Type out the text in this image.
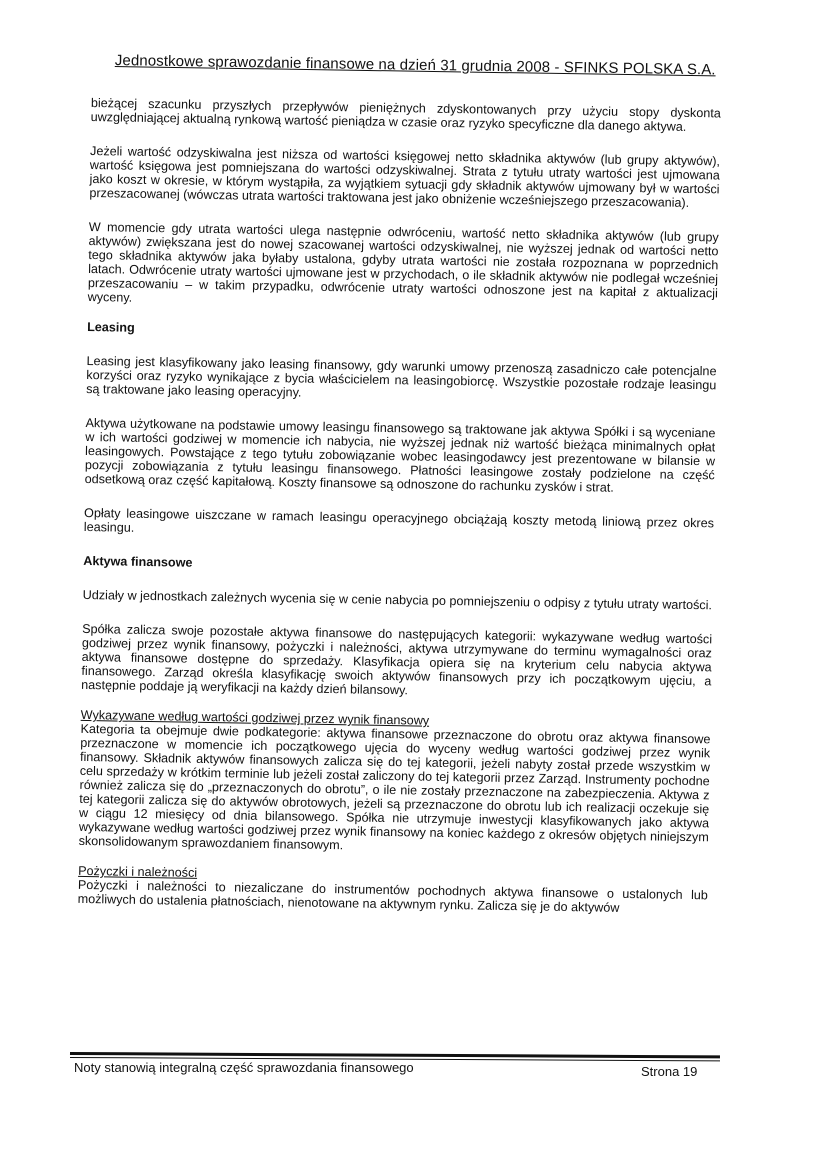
Jednostkowe sprawozdanie finansowe na dzień 31 grudnia 2008 - SFINKS POLSKA S.A.

bieżącej szacunku przyszłych przepływów pieniężnych zdyskontowanych przy użyciu stopy dyskonta uwzględniającej aktualną rynkową wartość pieniądza w czasie oraz ryzyko specyficzne dla danego aktywa.

Jeżeli wartość odzyskiwalna jest niższa od wartości księgowej netto składnika aktywów (lub grupy aktywów), wartość księgowa jest pomniejszana do wartości odzyskiwalnej. Strata z tytułu utraty wartości jest ujmowana jako koszt w okresie, w którym wystąpiła, za wyjątkiem sytuacji gdy składnik aktywów ujmowany był w wartości przeszacowanej (wówczas utrata wartości traktowana jest jako obniżenie wcześniejszego przeszacowania).

W momencie gdy utrata wartości ulega następnie odwróceniu, wartość netto składnika aktywów (lub grupy aktywów) zwiększana jest do nowej szacowanej wartości odzyskiwalnej, nie wyższej jednak od wartości netto tego składnika aktywów jaka byłaby ustalona, gdyby utrata wartości nie została rozpoznana w poprzednich latach. Odwrócenie utraty wartości ujmowane jest w przychodach, o ile składnik aktywów nie podlegał wcześniej przeszacowaniu – w takim przypadku, odwrócenie utraty wartości odnoszone jest na kapitał z aktualizacji wyceny.

Leasing

Leasing jest klasyfikowany jako leasing finansowy, gdy warunki umowy przenoszą zasadniczo całe potencjalne korzyści oraz ryzyko wynikające z bycia właścicielem na leasingobiorcę. Wszystkie pozostałe rodzaje leasingu są traktowane jako leasing operacyjny.

Aktywa użytkowane na podstawie umowy leasingu finansowego są traktowane jak aktywa Spółki i są wyceniane w ich wartości godziwej w momencie ich nabycia, nie wyższej jednak niż wartość bieżąca minimalnych opłat leasingowych. Powstające z tego tytułu zobowiązanie wobec leasingodawcy jest prezentowane w bilansie w pozycji zobowiązania z tytułu leasingu finansowego. Płatności leasingowe zostały podzielone na część odsetkową oraz część kapitałową. Koszty finansowe są odnoszone do rachunku zysków i strat.

Opłaty leasingowe uiszczane w ramach leasingu operacyjnego obciążają koszty metodą liniową przez okres leasingu.

Aktywa finansowe

Udziały w jednostkach zależnych wycenia się w cenie nabycia po pomniejszeniu o odpisy z tytułu utraty wartości.

Spółka zalicza swoje pozostałe aktywa finansowe do następujących kategorii: wykazywane według wartości godziwej przez wynik finansowy, pożyczki i należności, aktywa utrzymywane do terminu wymagalności oraz aktywa finansowe dostępne do sprzedaży. Klasyfikacja opiera się na kryterium celu nabycia aktywa finansowego. Zarząd określa klasyfikację swoich aktywów finansowych przy ich początkowym ujęciu, a następnie poddaje ją weryfikacji na każdy dzień bilansowy.

Wykazywane według wartości godziwej przez wynik finansowy

Kategoria ta obejmuje dwie podkategorie: aktywa finansowe przeznaczone do obrotu oraz aktywa finansowe przeznaczone w momencie ich początkowego ujęcia do wyceny według wartości godziwej przez wynik finansowy. Składnik aktywów finansowych zalicza się do tej kategorii, jeżeli nabyty został przede wszystkim w celu sprzedaży w krótkim terminie lub jeżeli został zaliczony do tej kategorii przez Zarząd. Instrumenty pochodne również zalicza się do „przeznaczonych do obrotu”, o ile nie zostały przeznaczone na zabezpieczenia. Aktywa z tej kategorii zalicza się do aktywów obrotowych, jeżeli są przeznaczone do obrotu lub ich realizacji oczekuje się w ciągu 12 miesięcy od dnia bilansowego. Spółka nie utrzymuje inwestycji klasyfikowanych jako aktywa wykazywane według wartości godziwej przez wynik finansowy na koniec każdego z okresów objętych niniejszym skonsolidowanym sprawozdaniem finansowym.

Pożyczki i należności

Pożyczki i należności to niezaliczane do instrumentów pochodnych aktywa finansowe o ustalonych lub możliwych do ustalenia płatnościach, nienotowane na aktywnym rynku. Zalicza się je do aktywów

Noty stanowią integralną część sprawozdania finansowego	Strona 19
